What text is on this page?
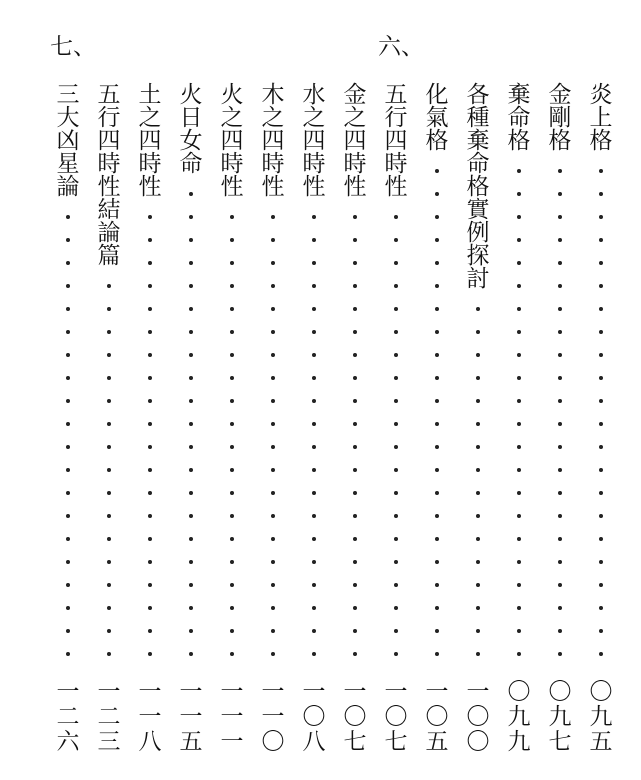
炎
上
格
〇
九
五
金
剛
格
〇
九
七
棄
命
格
〇
九
九
各
種
棄
命
格
實
例
探
討
一
〇
〇
化
氣
格
一
〇
五
六、
五
行
四
時
性
一
〇
七
金
之
四
時
性
一
〇
七
水
之
四
時
性
一
〇
八
木
之
四
時
性
一
一
〇
火
之
四
時
性
一
一
一
火
日
女
命
一
一
五
土
之
四
時
性
一
一
八
五
行
四
時
性
結
論
篇
一
二
三
七、
三
大
凶
星
論
一
二
六
